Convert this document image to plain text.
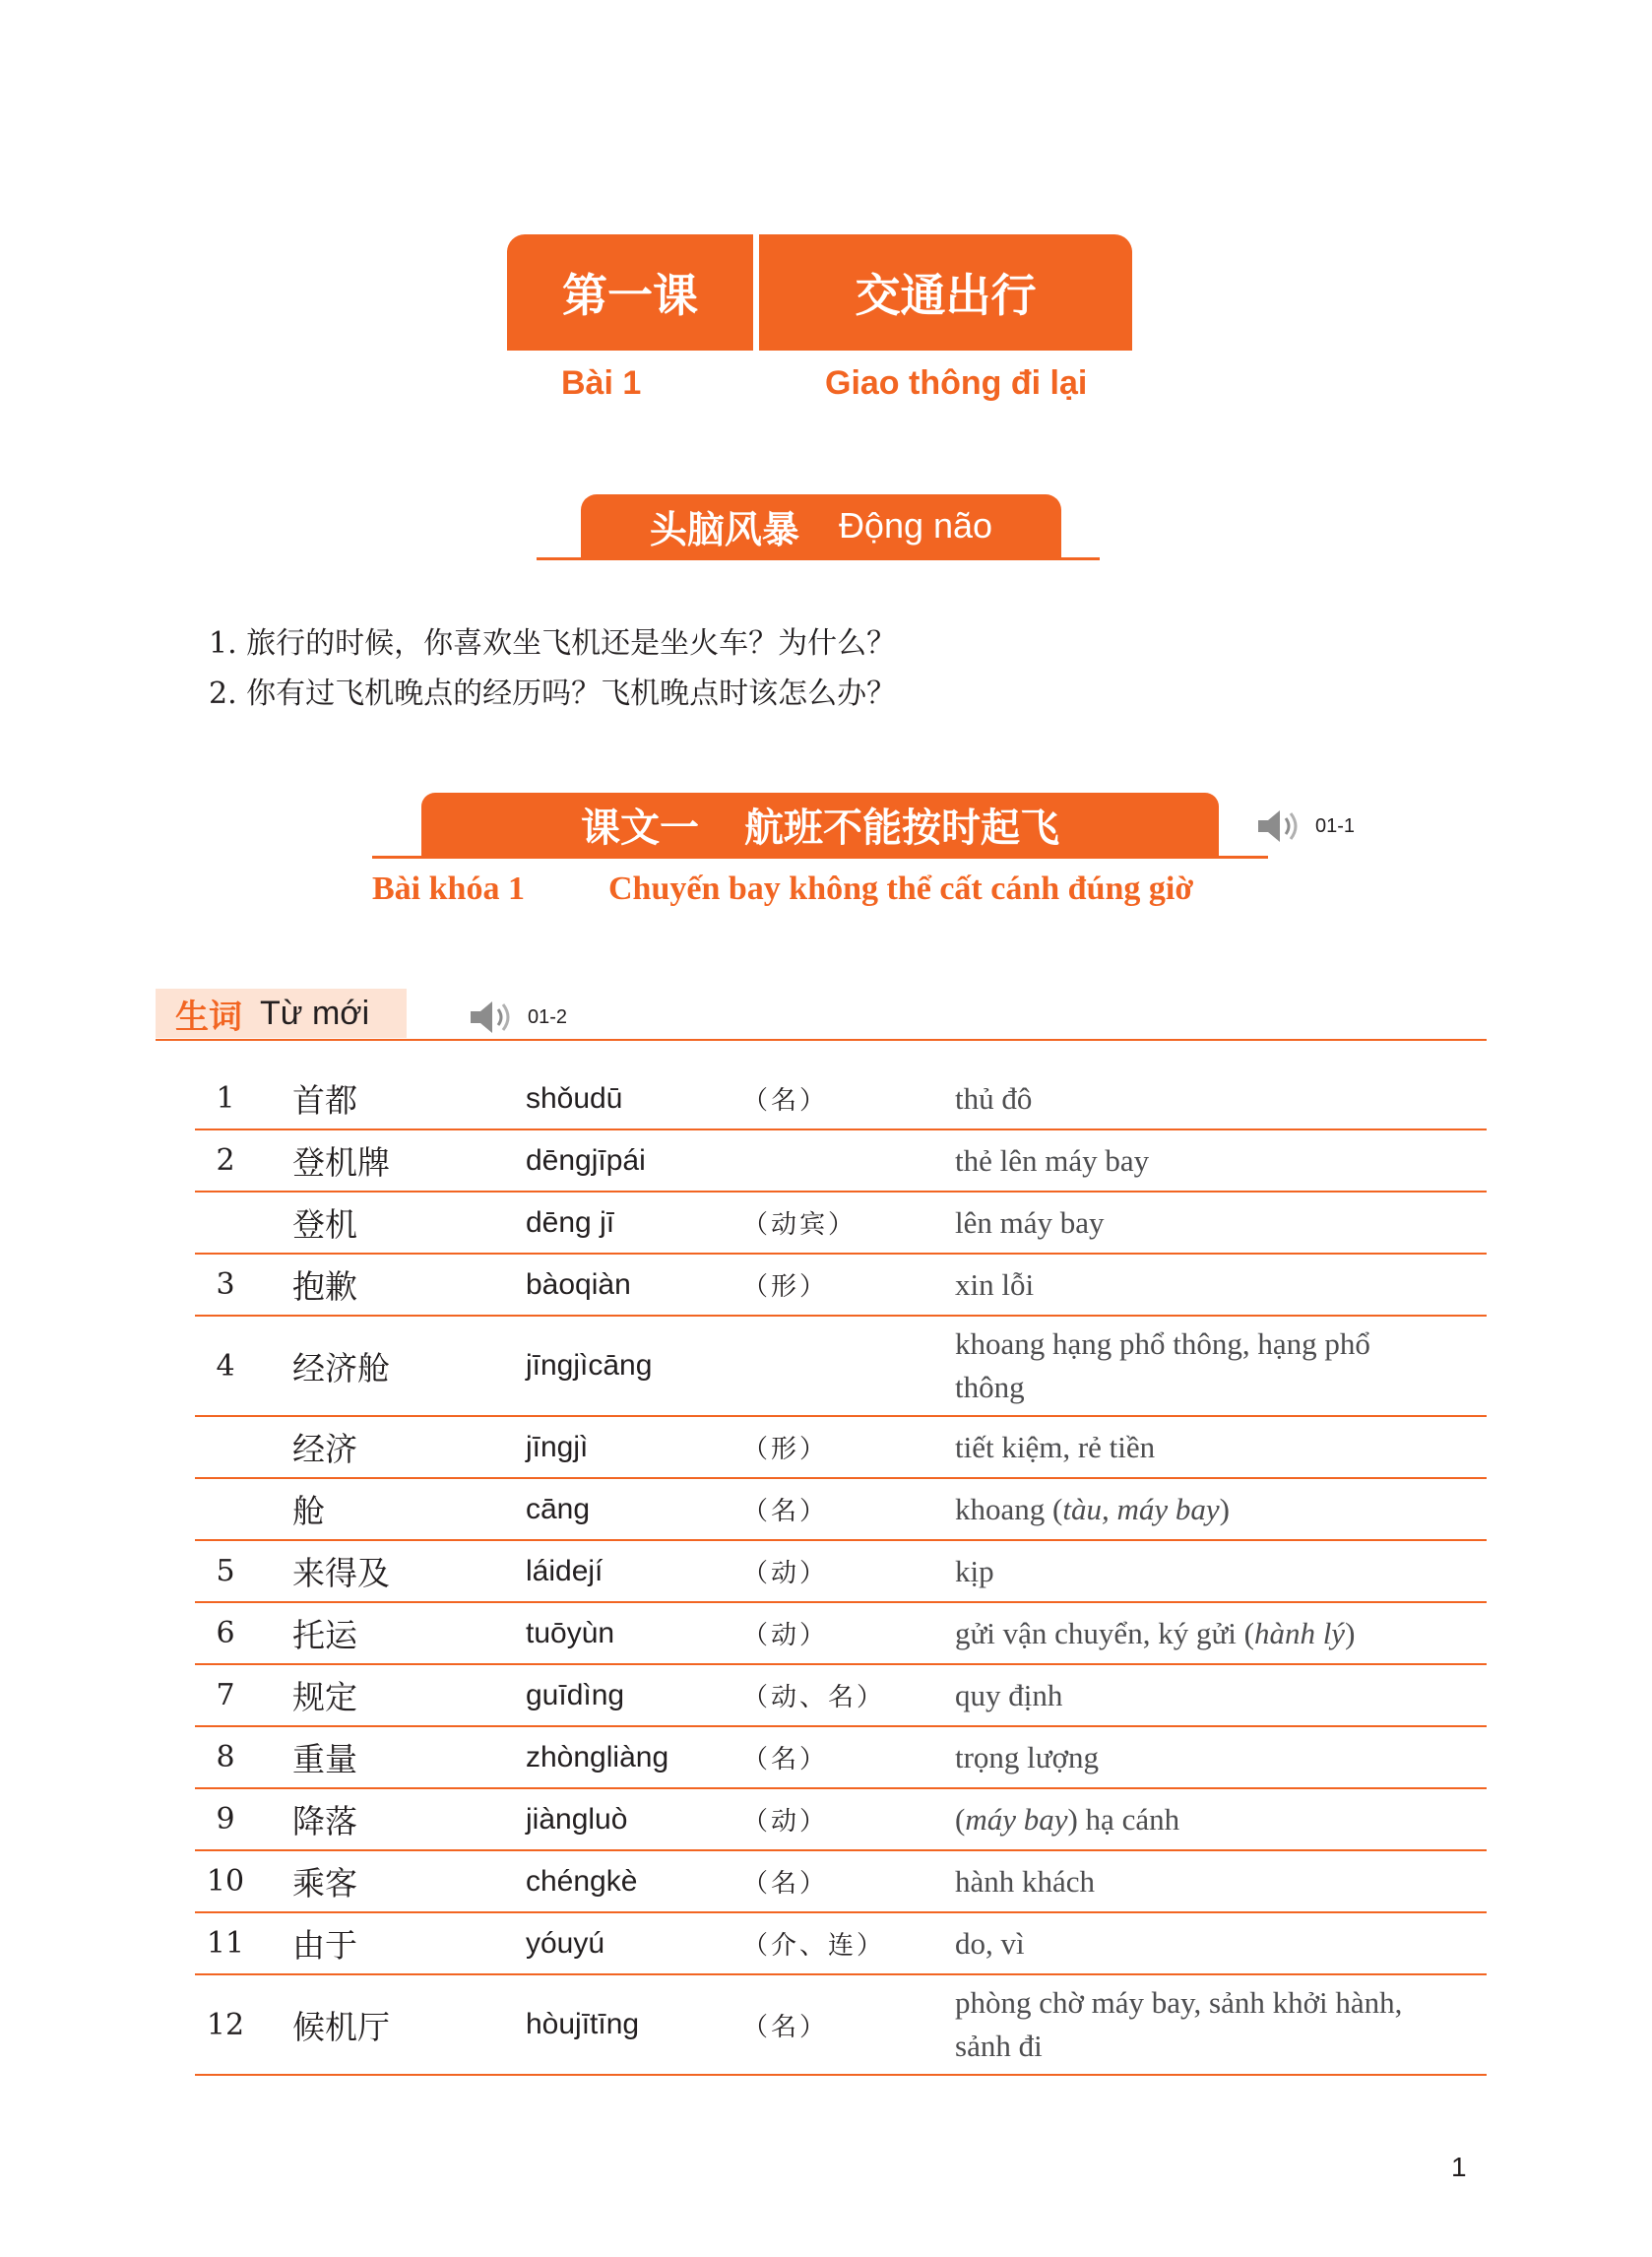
第一课	交通出行
Bài 1	Giao thông đi lại
头脑风暴 Động não
1. 旅行的时候，你喜欢坐飞机还是坐火车？为什么？
2. 你有过飞机晚点的经历吗？飞机晚点时该怎么办？
课文一 航班不能按时起飞	01-1
Bài khóa 1	Chuyến bay không thể cất cánh đúng giờ
生词 Từ mới	01-2
1	首都	shǒudū	（名）	thủ đô
2	登机牌	dēngjīpái		thẻ lên máy bay
	登机	dēng jī	（动宾）	lên máy bay
3	抱歉	bàoqiàn	（形）	xin lỗi
4	经济舱	jīngjìcāng		khoang hạng phổ thông, hạng phổ thông
	经济	jīngjì	（形）	tiết kiệm, rẻ tiền
	舱	cāng	（名）	khoang (tàu, máy bay)
5	来得及	láidejí	（动）	kịp
6	托运	tuōyùn	（动）	gửi vận chuyển, ký gửi (hành lý)
7	规定	guīdìng	（动、名）	quy định
8	重量	zhòngliàng	（名）	trọng lượng
9	降落	jiàngluò	（动）	(máy bay) hạ cánh
10	乘客	chéngkè	（名）	hành khách
11	由于	yóuyú	（介、连）	do, vì
12	候机厅	hòujītīng	（名）	phòng chờ máy bay, sảnh khởi hành, sảnh đi
1
